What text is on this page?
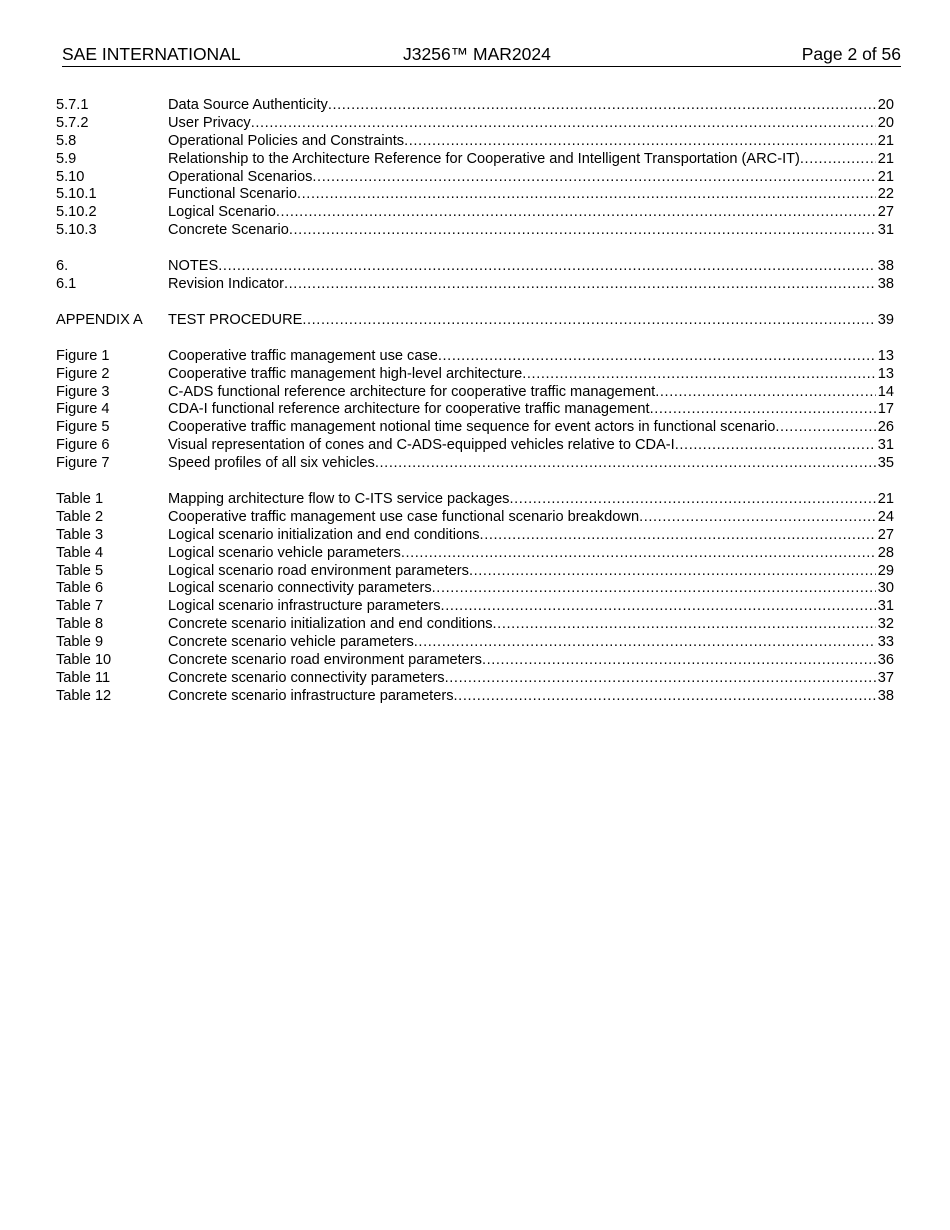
SAE INTERNATIONAL	J3256™ MAR2024	Page 2 of 56
5.7.1	Data Source Authenticity .....	20
5.7.2	User Privacy .....	20
5.8	Operational Policies and Constraints .....	21
5.9	Relationship to the Architecture Reference for Cooperative and Intelligent Transportation (ARC-IT) .....	21
5.10	Operational Scenarios .....	21
5.10.1	Functional Scenario .....	22
5.10.2	Logical Scenario .....	27
5.10.3	Concrete Scenario .....	31
6.	NOTES .....	38
6.1	Revision Indicator .....	38
APPENDIX A	TEST PROCEDURE .....	39
Figure 1	Cooperative traffic management use case .....	13
Figure 2	Cooperative traffic management high-level architecture .....	13
Figure 3	C-ADS functional reference architecture for cooperative traffic management .....	14
Figure 4	CDA-I functional reference architecture for cooperative traffic management .....	17
Figure 5	Cooperative traffic management notional time sequence for event actors in functional scenario .....	26
Figure 6	Visual representation of cones and C-ADS-equipped vehicles relative to CDA-I .....	31
Figure 7	Speed profiles of all six vehicles .....	35
Table 1	Mapping architecture flow to C-ITS service packages .....	21
Table 2	Cooperative traffic management use case functional scenario breakdown .....	24
Table 3	Logical scenario initialization and end conditions .....	27
Table 4	Logical scenario vehicle parameters .....	28
Table 5	Logical scenario road environment parameters .....	29
Table 6	Logical scenario connectivity parameters .....	30
Table 7	Logical scenario infrastructure parameters .....	31
Table 8	Concrete scenario initialization and end conditions .....	32
Table 9	Concrete scenario vehicle parameters .....	33
Table 10	Concrete scenario road environment parameters .....	36
Table 11	Concrete scenario connectivity parameters .....	37
Table 12	Concrete scenario infrastructure parameters .....	38
